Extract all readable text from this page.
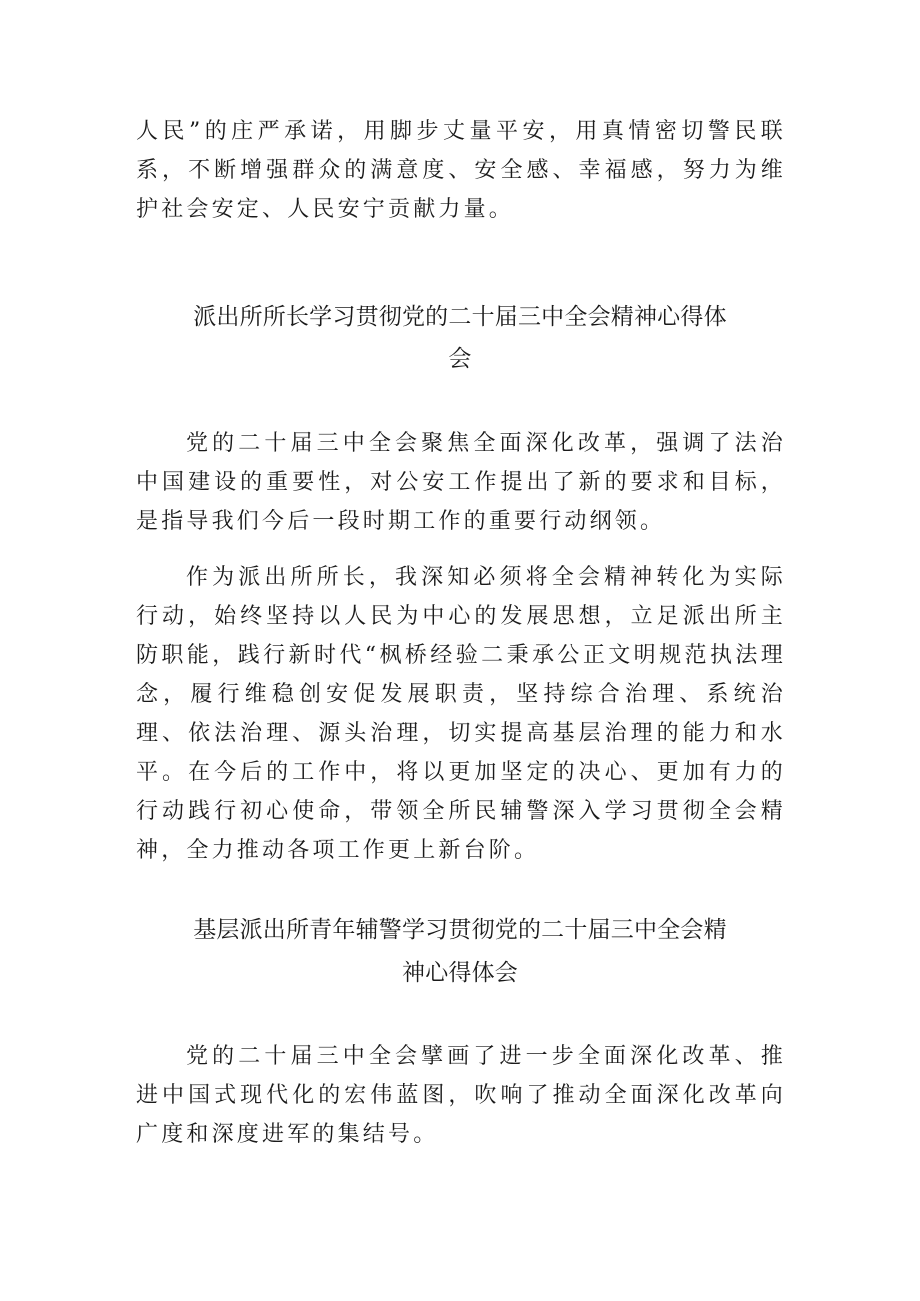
人民”的庄严承诺，用脚步丈量平安，用真情密切警民联系，不断增强群众的满意度、安全感、幸福感，努力为维护社会安定、人民安宁贡献力量。

派出所所长学习贯彻党的二十届三中全会精神心得体
会

党的二十届三中全会聚焦全面深化改革，强调了法治中国建设的重要性，对公安工作提出了新的要求和目标，是指导我们今后一段时期工作的重要行动纲领。

作为派出所所长，我深知必须将全会精神转化为实际行动，始终坚持以人民为中心的发展思想，立足派出所主防职能，践行新时代“枫桥经验二秉承公正文明规范执法理念，履行维稳创安促发展职责，坚持综合治理、系统治理、依法治理、源头治理，切实提高基层治理的能力和水平。在今后的工作中，将以更加坚定的决心、更加有力的行动践行初心使命，带领全所民辅警深入学习贯彻全会精神，全力推动各项工作更上新台阶。

基层派出所青年辅警学习贯彻党的二十届三中全会精
神心得体会

党的二十届三中全会擘画了进一步全面深化改革、推进中国式现代化的宏伟蓝图，吹响了推动全面深化改革向广度和深度进军的集结号。
